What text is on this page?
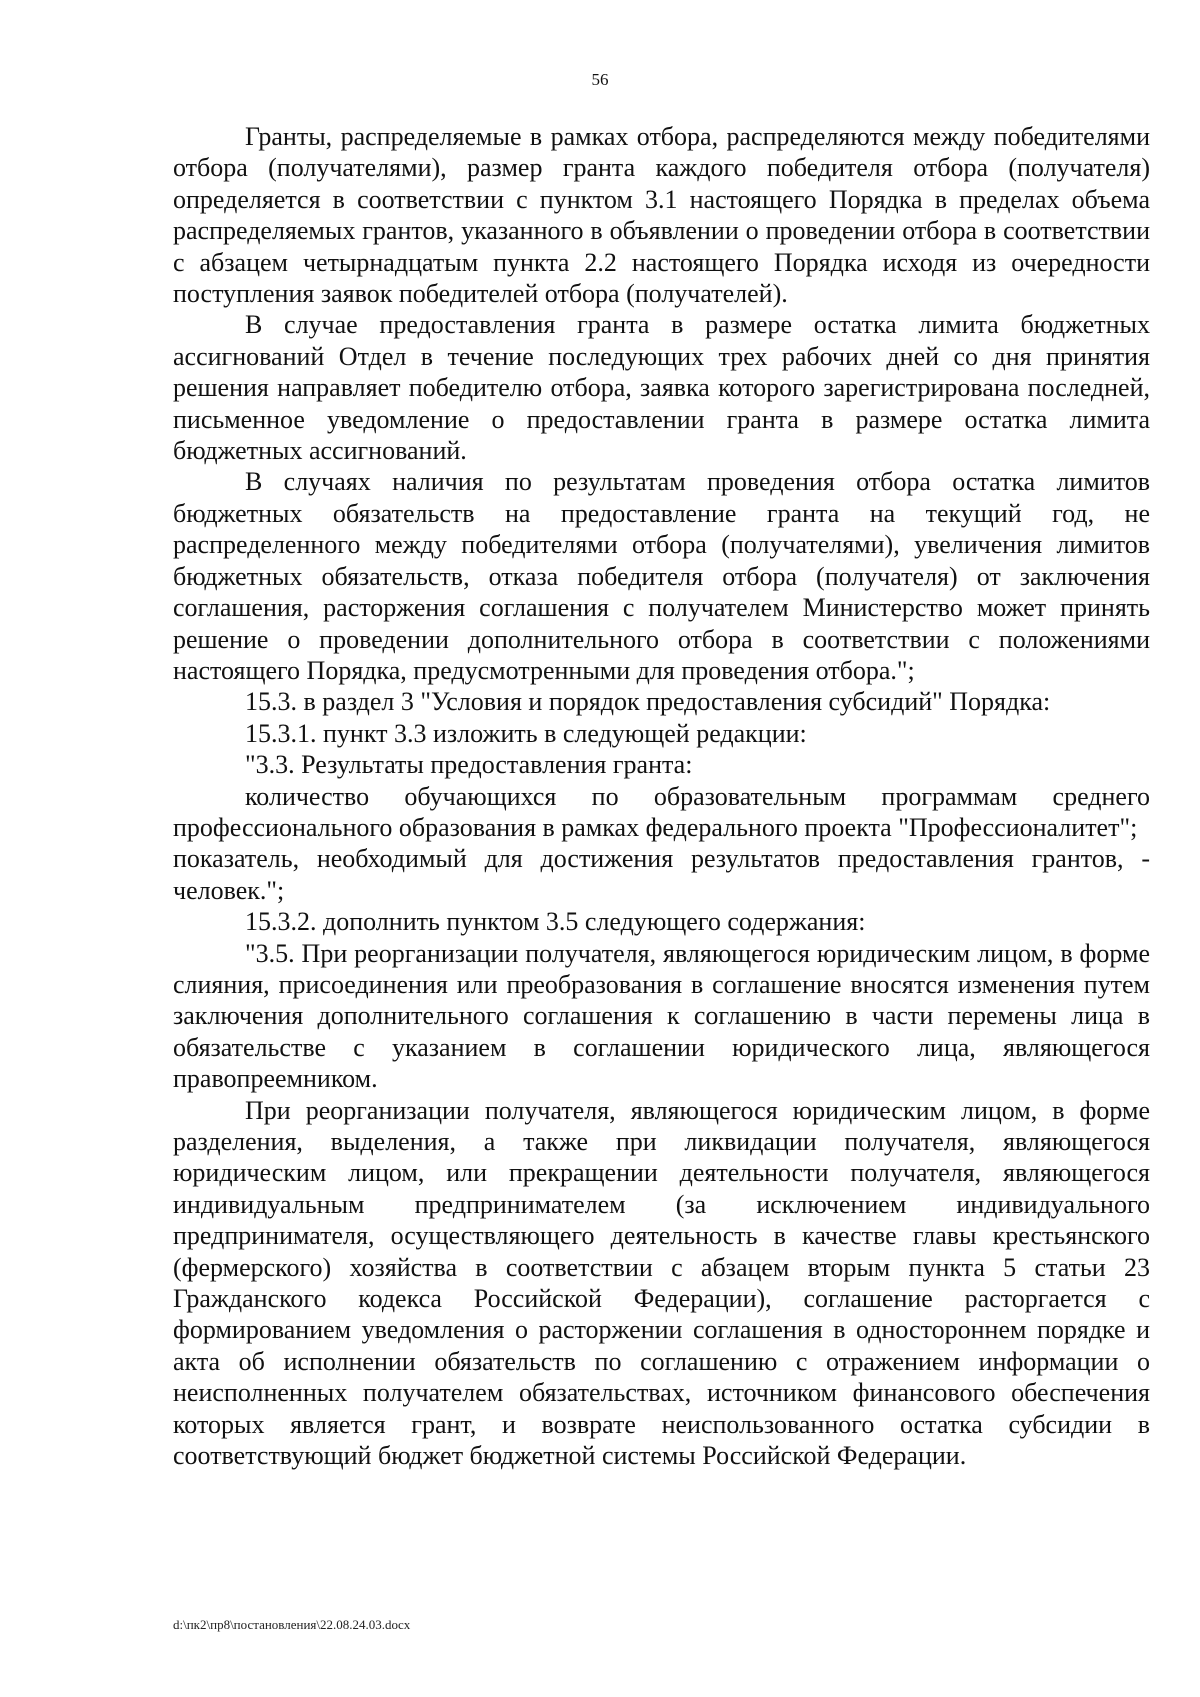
56

Гранты, распределяемые в рамках отбора, распределяются между победителями отбора (получателями), размер гранта каждого победителя отбора (получателя) определяется в соответствии с пунктом 3.1 настоящего Порядка в пределах объема распределяемых грантов, указанного в объявлении о проведении отбора в соответствии с абзацем четырнадцатым пункта 2.2 настоящего Порядка исходя из очередности поступления заявок победителей отбора (получателей).

В случае предоставления гранта в размере остатка лимита бюджетных ассигнований Отдел в течение последующих трех рабочих дней со дня принятия решения направляет победителю отбора, заявка которого зарегистрирована последней, письменное уведомление о предоставлении гранта в размере остатка лимита бюджетных ассигнований.

В случаях наличия по результатам проведения отбора остатка лимитов бюджетных обязательств на предоставление гранта на текущий год, не распределенного между победителями отбора (получателями), увеличения лимитов бюджетных обязательств, отказа победителя отбора (получателя) от заключения соглашения, расторжения соглашения с получателем Министерство может принять решение о проведении дополнительного отбора в соответствии с положениями настоящего Порядка, предусмотренными для проведения отбора.";

15.3. в раздел 3 "Условия и порядок предоставления субсидий" Порядка:

15.3.1. пункт 3.3 изложить в следующей редакции:

"3.3. Результаты предоставления гранта:

количество обучающихся по образовательным программам среднего профессионального образования в рамках федерального проекта "Профессионалитет";

показатель, необходимый для достижения результатов предоставления грантов, - человек.";

15.3.2. дополнить пунктом 3.5 следующего содержания:

"3.5. При реорганизации получателя, являющегося юридическим лицом, в форме слияния, присоединения или преобразования в соглашение вносятся изменения путем заключения дополнительного соглашения к соглашению в части перемены лица в обязательстве с указанием в соглашении юридического лица, являющегося правопреемником.

При реорганизации получателя, являющегося юридическим лицом, в форме разделения, выделения, а также при ликвидации получателя, являющегося юридическим лицом, или прекращении деятельности получателя, являющегося индивидуальным предпринимателем (за исключением индивидуального предпринимателя, осуществляющего деятельность в качестве главы крестьянского (фермерского) хозяйства в соответствии с абзацем вторым пункта 5 статьи 23 Гражданского кодекса Российской Федерации), соглашение расторгается с формированием уведомления о расторжении соглашения в одностороннем порядке и акта об исполнении обязательств по соглашению с отражением информации о неисполненных получателем обязательствах, источником финансового обеспечения которых является грант, и возврате неиспользованного остатка субсидии в соответствующий бюджет бюджетной системы Российской Федерации.

d:\пк2\пр8\постановления\22.08.24.03.docx
